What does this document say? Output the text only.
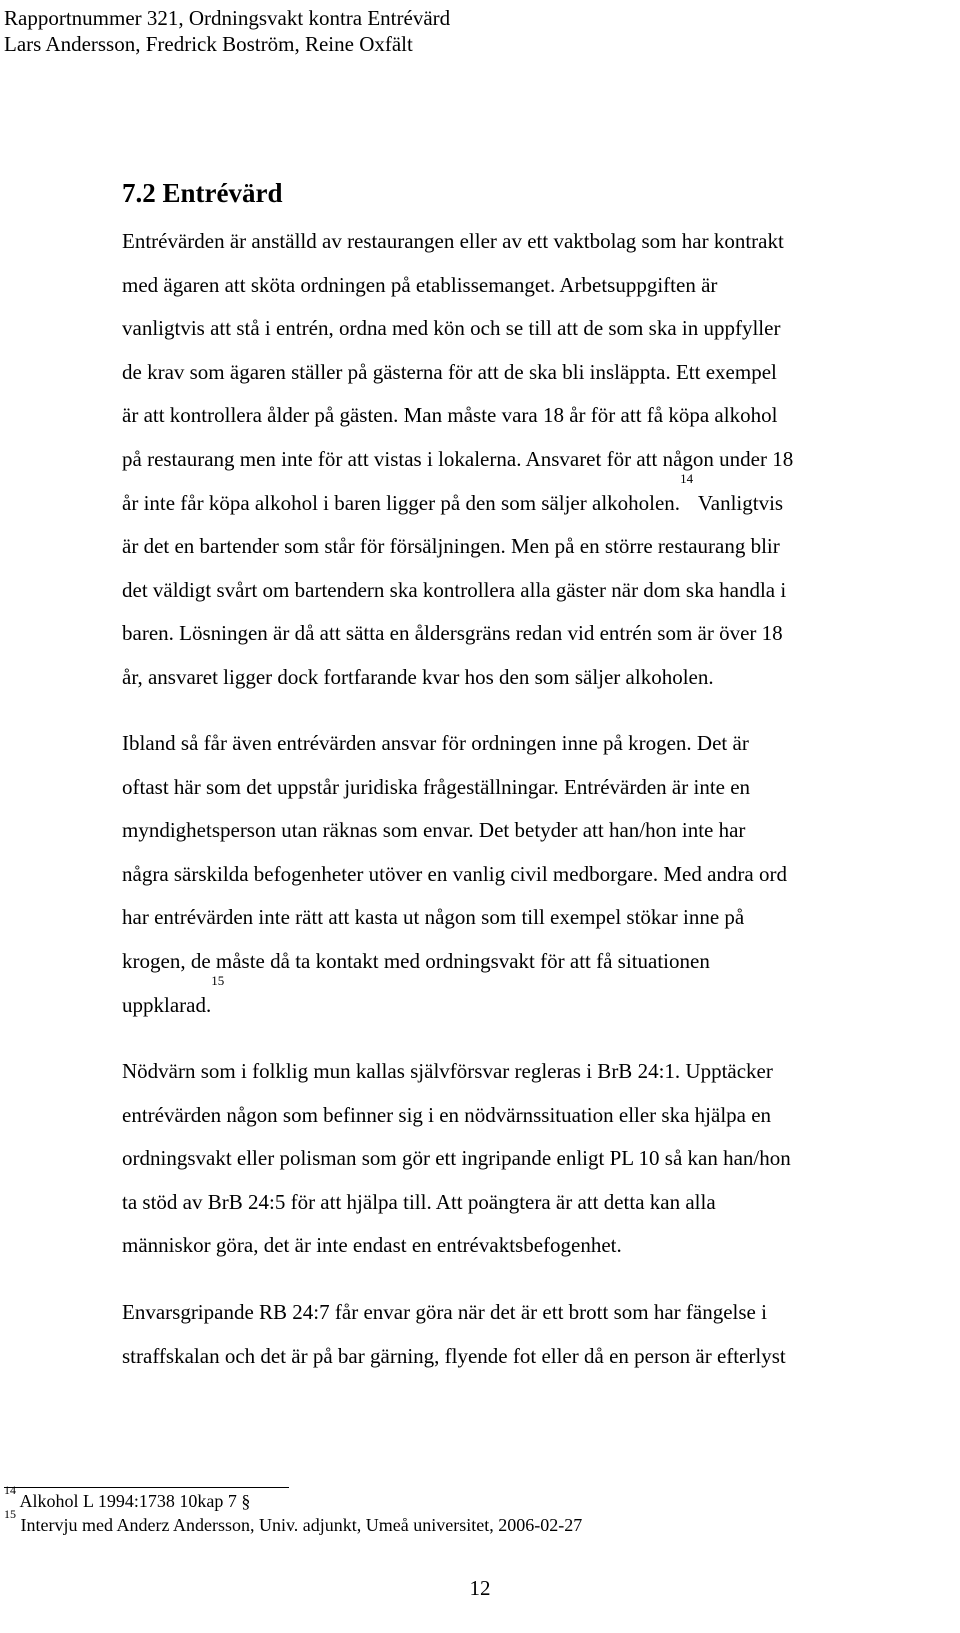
Rapportnummer 321, Ordningsvakt kontra Entrévärd
Lars Andersson, Fredrick Boström, Reine Oxfält
7.2 Entrévärd
Entrévärden är anställd av restaurangen eller av ett vaktbolag som har kontrakt
med ägaren att sköta ordningen på etablissemanget. Arbetsuppgiften är
vanligtvis att stå i entrén, ordna med kön och se till att de som ska in uppfyller
de krav som ägaren ställer på gästerna för att de ska bli insläppta. Ett exempel
är att kontrollera ålder på gästen. Man måste vara 18 år för att få köpa alkohol
på restaurang men inte för att vistas i lokalerna. Ansvaret för att någon under 18
år inte får köpa alkohol i baren ligger på den som säljer alkoholen.$^{14}$ Vanligtvis
är det en bartender som står för försäljningen. Men på en större restaurang blir
det väldigt svårt om bartendern ska kontrollera alla gäster när dom ska handla i
baren. Lösningen är då att sätta en åldersgräns redan vid entrén som är över 18
år, ansvaret ligger dock fortfarande kvar hos den som säljer alkoholen.
Ibland så får även entrévärden ansvar för ordningen inne på krogen. Det är
oftast här som det uppstår juridiska frågeställningar. Entrévärden är inte en
myndighetsperson utan räknas som envar. Det betyder att han/hon inte har
några särskilda befogenheter utöver en vanlig civil medborgare. Med andra ord
har entrévärden inte rätt att kasta ut någon som till exempel stökar inne på
krogen, de måste då ta kontakt med ordningsvakt för att få situationen
uppklarad.$^{15}$
Nödvärn som i folklig mun kallas självförsvar regleras i BrB 24:1. Upptäcker
entrévärden någon som befinner sig i en nödvärnssituation eller ska hjälpa en
ordningsvakt eller polisman som gör ett ingripande enligt PL 10 så kan han/hon
ta stöd av BrB 24:5 för att hjälpa till. Att poängtera är att detta kan alla
människor göra, det är inte endast en entrévaktsbefogenhet.
Envarsgripande RB 24:7 får envar göra när det är ett brott som har fängelse i
straffskalan och det är på bar gärning, flyende fot eller då en person är efterlyst
$^{14}$ Alkohol L 1994:1738 10kap 7 §
$^{15}$ Intervju med Anderz Andersson, Univ. adjunkt, Umeå universitet, 2006-02-27
12
